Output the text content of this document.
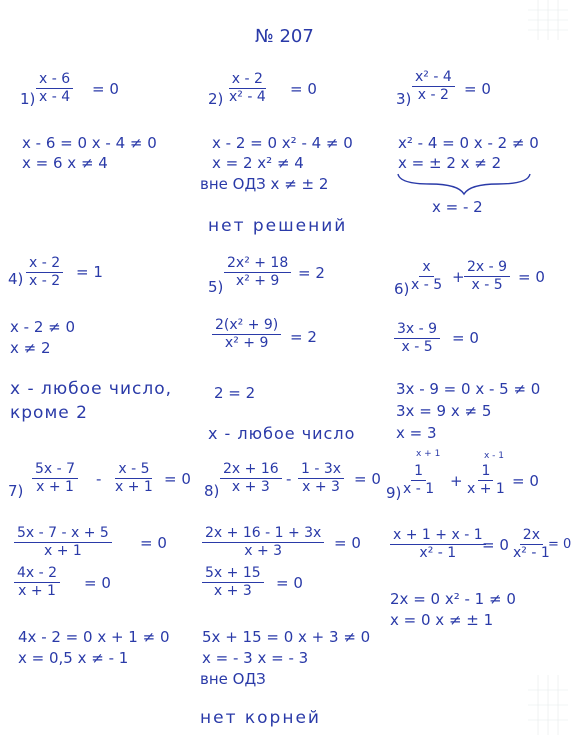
№ 207
$1) \frac{x - 6}{x - 4} = 0$
x - 6 = 0 x - 4 ≠ 0
x = 6 x ≠ 4
$2) \frac{x - 2}{\text{x² - 4}} = 0$
x - 2 = 0 x² - 4 ≠ 0
x = 2 x² ≠ 4
вне ОДЗ x ≠ ± 2
$3) \frac{\text{x² - 4}}{x - 2} = 0$
x² - 4 = 0 x - 2 ≠ 0
x = ± 2 x ≠ 2
x = - 2
нет решений
$4) \frac{x - 2}{x - 2} = 1$
x - 2 ≠ 0
x ≠ 2
x - любое число,
кроме 2
$5) \frac{\text{2x² + 18}}{\text{x² + 9}} = 2$
$\frac{\text{2(x² + 9)}}{\text{x² + 9}} = 2$
2 = 2
x - любое число
6)
$\frac{x}{x - 5} + \frac{2x - 9}{x - 5} = 0$
$\frac{3x - 9}{x - 5} = 0$
3x - 9 = 0 x - 5 ≠ 0
3x = 9 x ≠ 5
x = 3
$7) \frac{5x - 7}{x + 1} - \frac{x - 5}{x + 1} = 0$
$\frac{5x - 7 - x + 5}{x + 1} = 0$
$\frac{4x - 2}{x + 1} = 0$
4x - 2 = 0 x + 1 ≠ 0
x = 0,5 x ≠ - 1
$8) \frac{2x + 16}{x + 3} - \frac{1 - 3x}{x + 3} = 0$
$\frac{2x + 16 - 1 + 3x}{x + 3} = 0$
$\frac{5x + 15}{x + 3} = 0$
5x + 15 = 0 x + 3 ≠ 0
x = - 3 x = - 3
вне ОДЗ
9)
x + 1
$\frac{1}{x - 1}$ +
x - 1
$\frac{1}{x + 1} = 0$
$\frac{x + 1 + x - 1}{\text{x² - 1}}$
= $0 \frac{2x}{\text{x² - 1}}$
= 0
2x = 0 x² - 1 ≠ 0
x = 0 x ≠ ± 1
нет корней
